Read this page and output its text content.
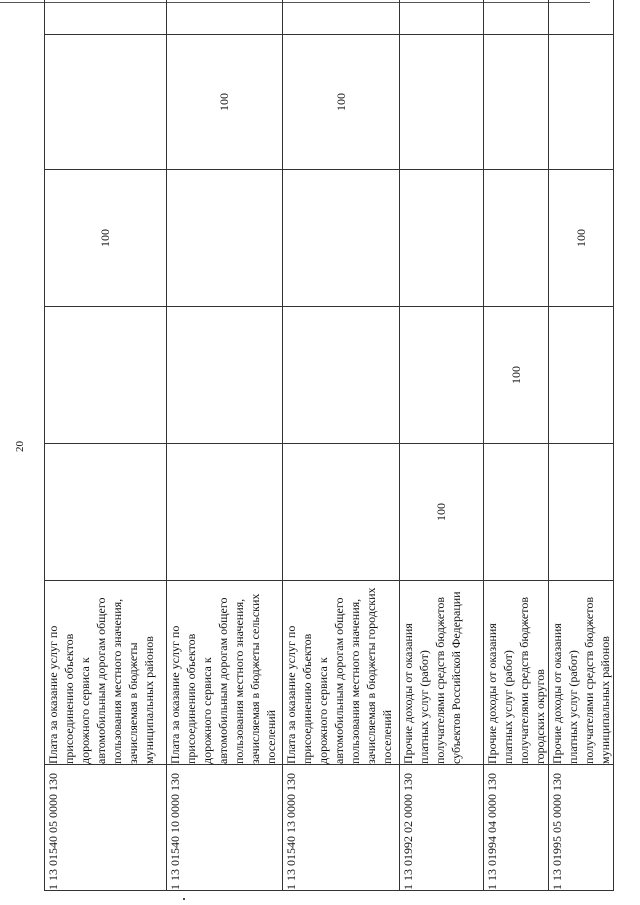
20
1 13 01540 05 0000 130	Плата за оказание услуг по присоединению объектов дорожного сервиса к автомобильным дорогам общего пользования местного значения, зачисляемая в бюджеты муниципальных районов			100		
1 13 01540 10 0000 130	Плата за оказание услуг по присоединению объектов дорожного сервиса к автомобильным дорогам общего пользования местного значения, зачисляемая в бюджеты сельских поселений				100	
1 13 01540 13 0000 130	Плата за оказание услуг по присоединению объектов дорожного сервиса к автомобильным дорогам общего пользования местного значения, зачисляемая в бюджеты городских поселений				100	
1 13 01992 02 0000 130	Прочие доходы от оказания платных услуг (работ) получателями средств бюджетов субъектов Российской Федерации	100				
1 13 01994 04 0000 130	Прочие доходы от оказания платных услуг (работ) получателями средств бюджетов городских округов		100			
1 13 01995 05 0000 130	Прочие доходы от оказания платных услуг (работ) получателями средств бюджетов муниципальных районов			100		
